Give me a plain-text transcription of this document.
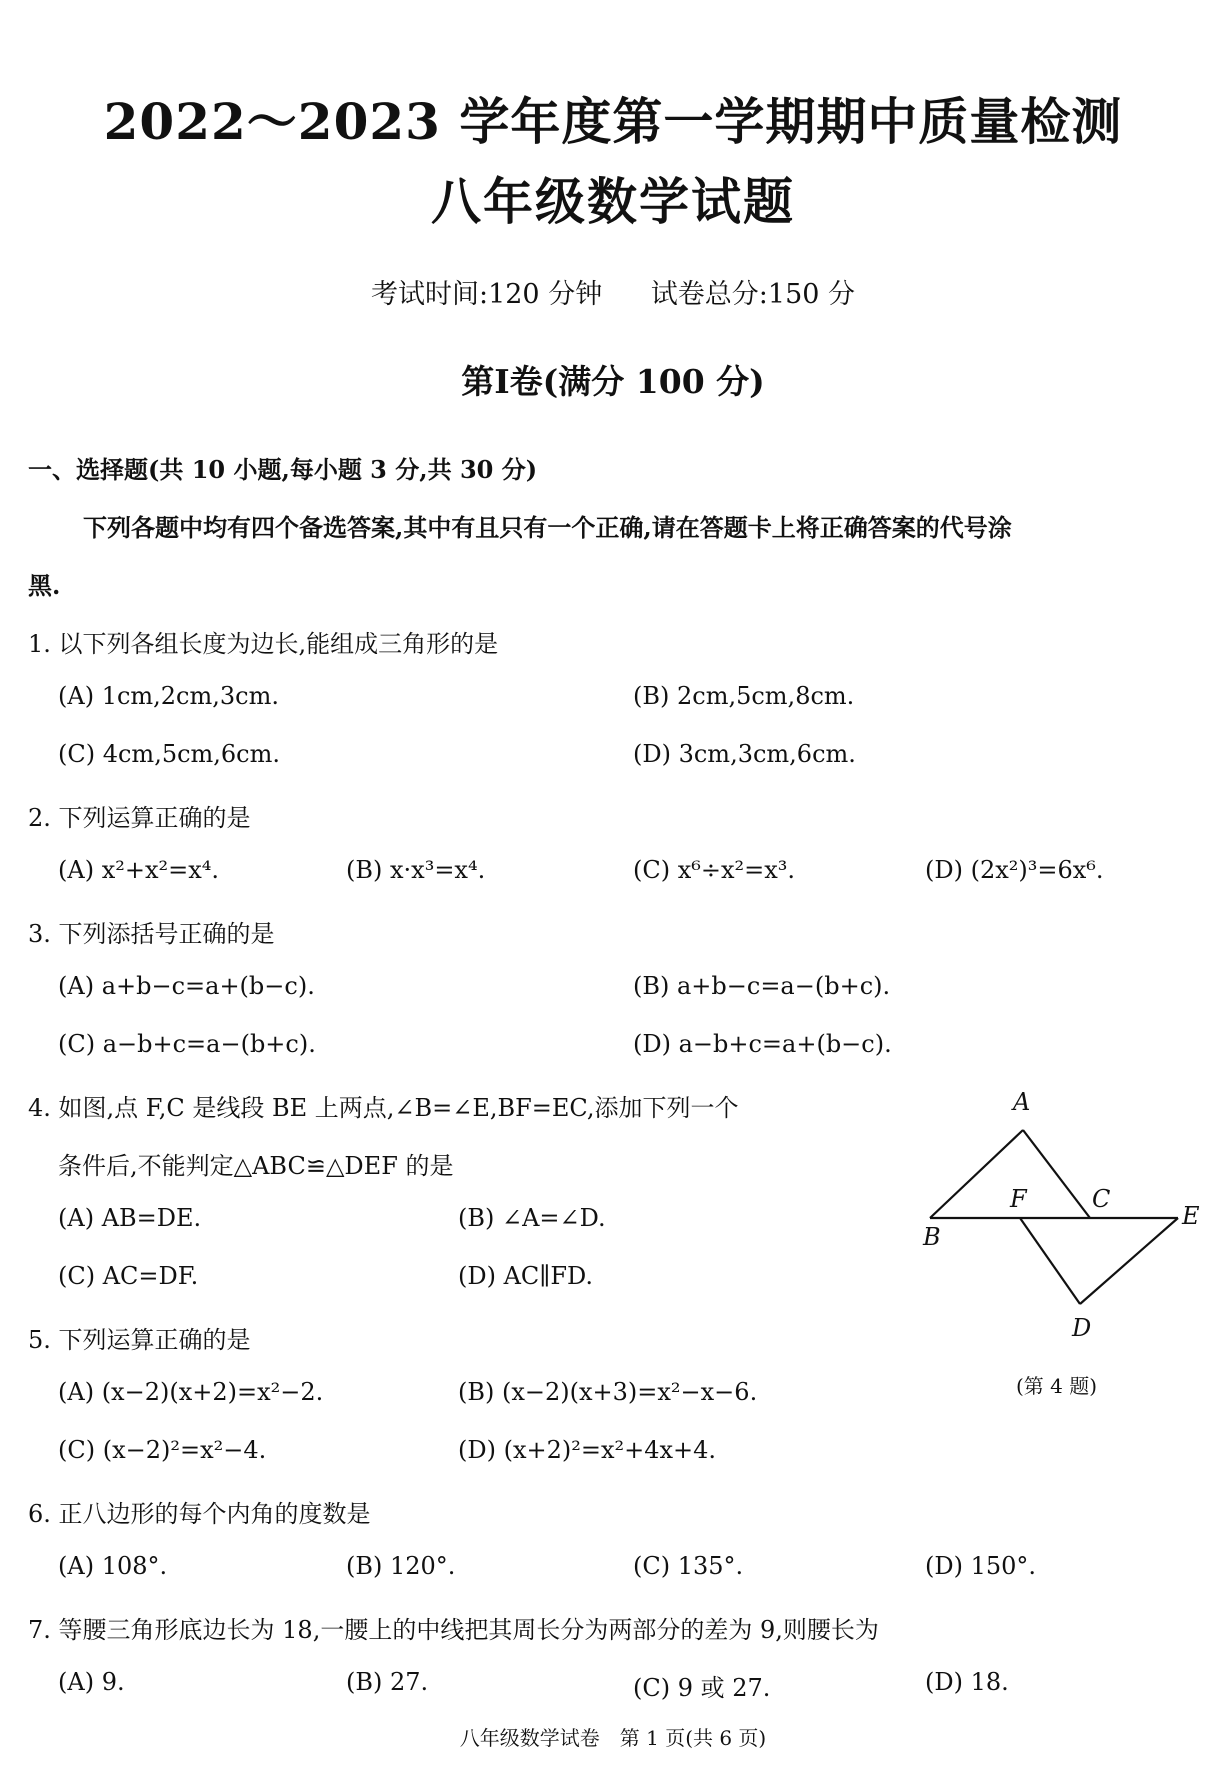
2022～2023 学年度第一学期期中质量检测
八年级数学试题
考试时间:120 分钟 试卷总分:150 分
第Ⅰ卷(满分 100 分)
一、选择题(共 10 小题,每小题 3 分,共 30 分)
下列各题中均有四个备选答案,其中有且只有一个正确,请在答题卡上将正确答案的代号涂
黑.
1. 以下列各组长度为边长,能组成三角形的是
(A) 1cm,2cm,3cm.	(B) 2cm,5cm,8cm.
(C) 4cm,5cm,6cm.	(D) 3cm,3cm,6cm.
2. 下列运算正确的是
(A) x²+x²=x⁴.	(B) x·x³=x⁴.	(C) x⁶÷x²=x³.	(D) (2x²)³=6x⁶.
3. 下列添括号正确的是
(A) a+b−c=a+(b−c).	(B) a+b−c=a−(b+c).
(C) a−b+c=a−(b+c).	(D) a−b+c=a+(b−c).
4. 如图,点 F,C 是线段 BE 上两点,∠B=∠E,BF=EC,添加下列一个
条件后,不能判定△ABC≌△DEF 的是
(A) AB=DE.	(B) ∠A=∠D.
(C) AC=DF.	(D) AC∥FD.
A
B
F	C
E
D
(第 4 题)
5. 下列运算正确的是
(A) (x−2)(x+2)=x²−2.	(B) (x−2)(x+3)=x²−x−6.
(C) (x−2)²=x²−4.	(D) (x+2)²=x²+4x+4.
6. 正八边形的每个内角的度数是
(A) 108°.	(B) 120°.	(C) 135°.	(D) 150°.
7. 等腰三角形底边长为 18,一腰上的中线把其周长分为两部分的差为 9,则腰长为
(A) 9.	(B) 27.	(C) 9 或 27.	(D) 18.
八年级数学试卷　第 1 页(共 6 页)
